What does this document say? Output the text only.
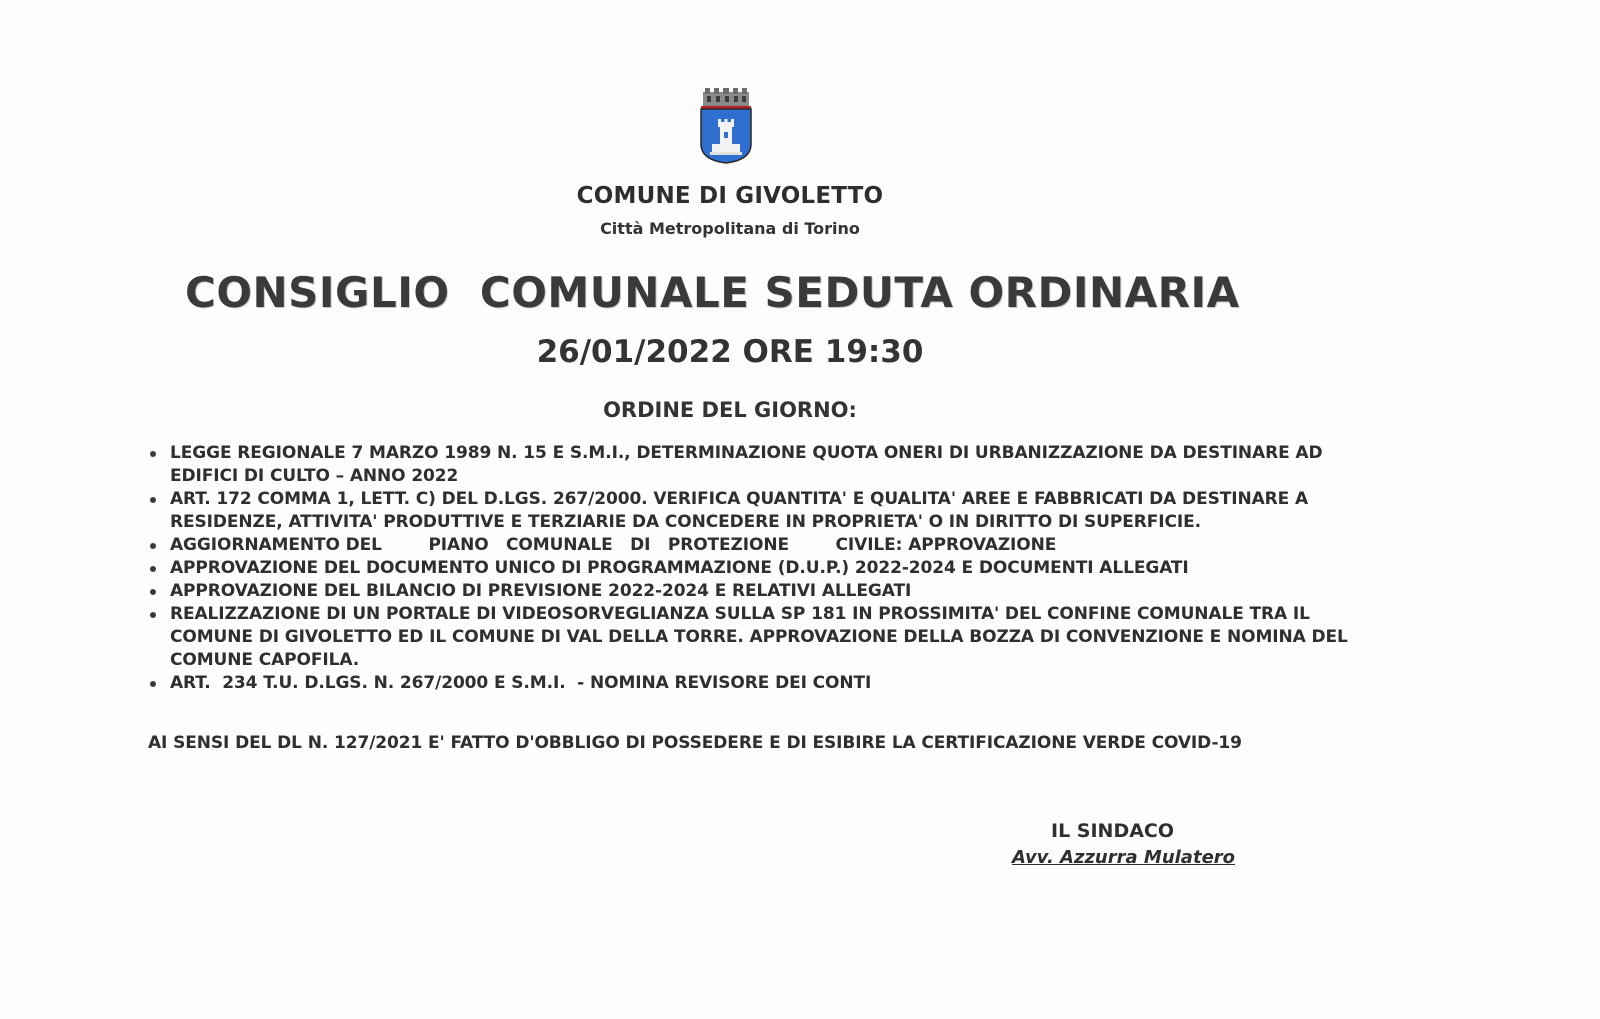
COMUNE DI GIVOLETTO
Città Metropolitana di Torino
CONSIGLIO  COMUNALE SEDUTA ORDINARIA
26/01/2022 ORE 19:30
ORDINE DEL GIORNO:
LEGGE REGIONALE 7 MARZO 1989 N. 15 E S.M.I., DETERMINAZIONE QUOTA ONERI DI URBANIZZAZIONE DA DESTINARE AD EDIFICI DI CULTO – ANNO 2022
ART. 172 COMMA 1, LETT. C) DEL D.LGS. 267/2000. VERIFICA QUANTITA' E QUALITA' AREE E FABBRICATI DA DESTINARE A RESIDENZE, ATTIVITA' PRODUTTIVE E TERZIARIE DA CONCEDERE IN PROPRIETA' O IN DIRITTO DI SUPERFICIE.
AGGIORNAMENTO DEL        PIANO   COMUNALE   DI   PROTEZIONE        CIVILE: APPROVAZIONE
APPROVAZIONE DEL DOCUMENTO UNICO DI PROGRAMMAZIONE (D.U.P.) 2022-2024 E DOCUMENTI ALLEGATI
APPROVAZIONE DEL BILANCIO DI PREVISIONE 2022-2024 E RELATIVI ALLEGATI
REALIZZAZIONE DI UN PORTALE DI VIDEOSORVEGLIANZA SULLA SP 181 IN PROSSIMITA' DEL CONFINE COMUNALE TRA IL COMUNE DI GIVOLETTO ED IL COMUNE DI VAL DELLA TORRE. APPROVAZIONE DELLA BOZZA DI CONVENZIONE E NOMINA DEL COMUNE CAPOFILA.
ART.  234 T.U. D.LGS. N. 267/2000 E S.M.I.  - NOMINA REVISORE DEI CONTI
AI SENSI DEL DL N. 127/2021 E' FATTO D'OBBLIGO DI POSSEDERE E DI ESIBIRE LA CERTIFICAZIONE VERDE COVID-19
IL SINDACO
Avv. Azzurra Mulatero
